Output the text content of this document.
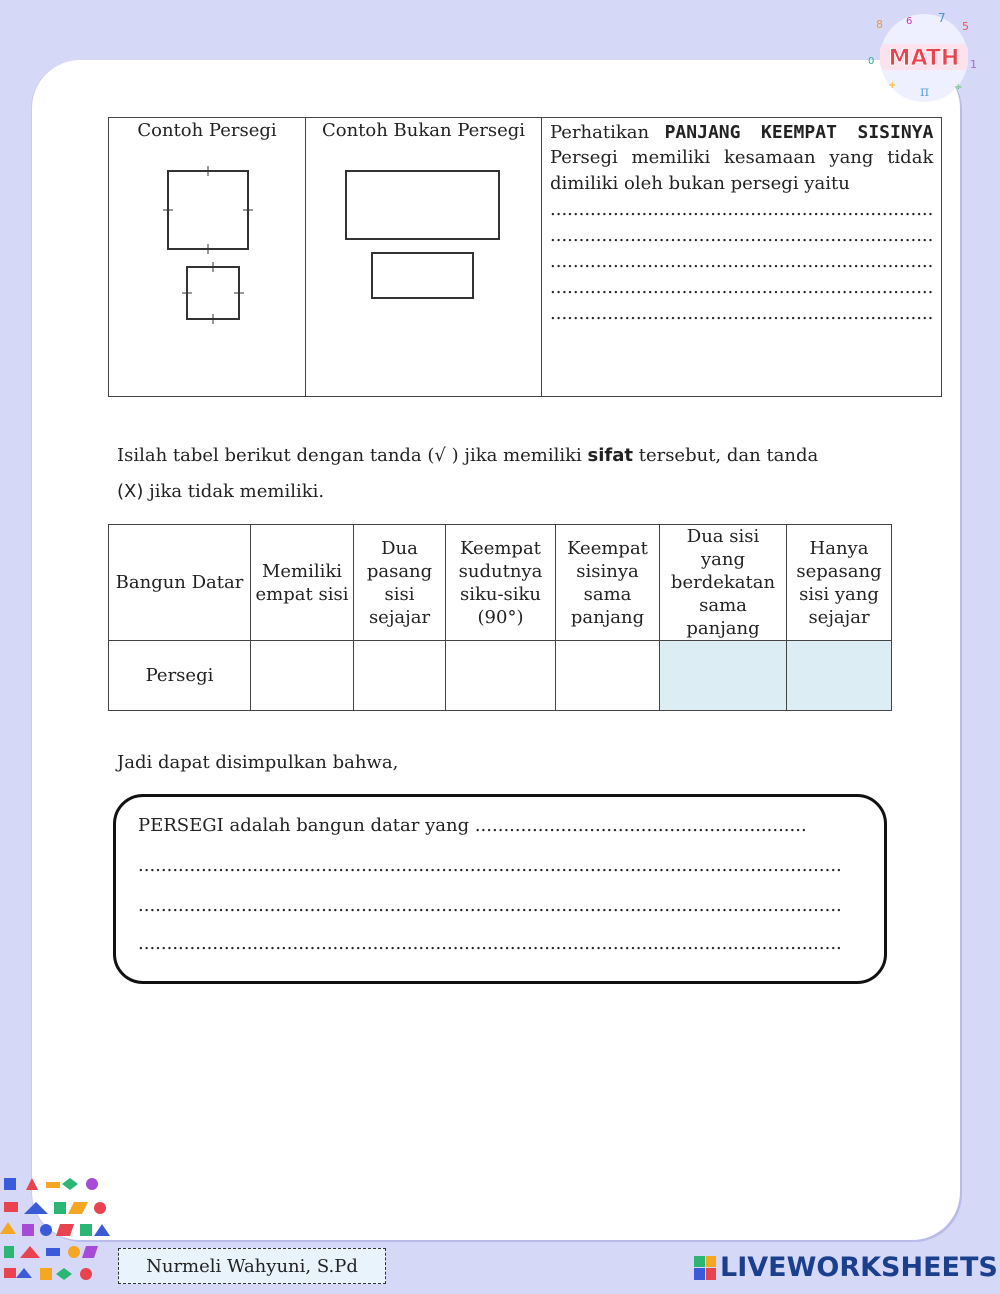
8 6 7
5
0	1
π
MATH
+	÷
Contoh Persegi	Contoh Bukan Persegi	Perhatikan PANJANG KEEMPAT SISINYA
Persegi memiliki kesamaan yang tidak dimiliki oleh bukan persegi yaitu
...................................................................
...................................................................
...................................................................
...................................................................
...................................................................
Isilah tabel berikut dengan tanda (√ ) jika memiliki sifat tersebut, dan tanda
(X) jika tidak memiliki.
Bangun Datar	Memiliki empat sisi	Dua pasang sisi sejajar	Keempat sudutnya siku-siku (90°)	Keempat sisinya sama panjang	Dua sisi yang berdekatan sama panjang	Hanya sepasang sisi yang sejajar
Persegi						
Jadi dapat disimpulkan bahwa,
PERSEGI adalah bangun datar yang ..........................................................
...........................................................................................................................
...........................................................................................................................
...........................................................................................................................
Nurmeli Wahyuni, S.Pd	LIVEWORKSHEETS
